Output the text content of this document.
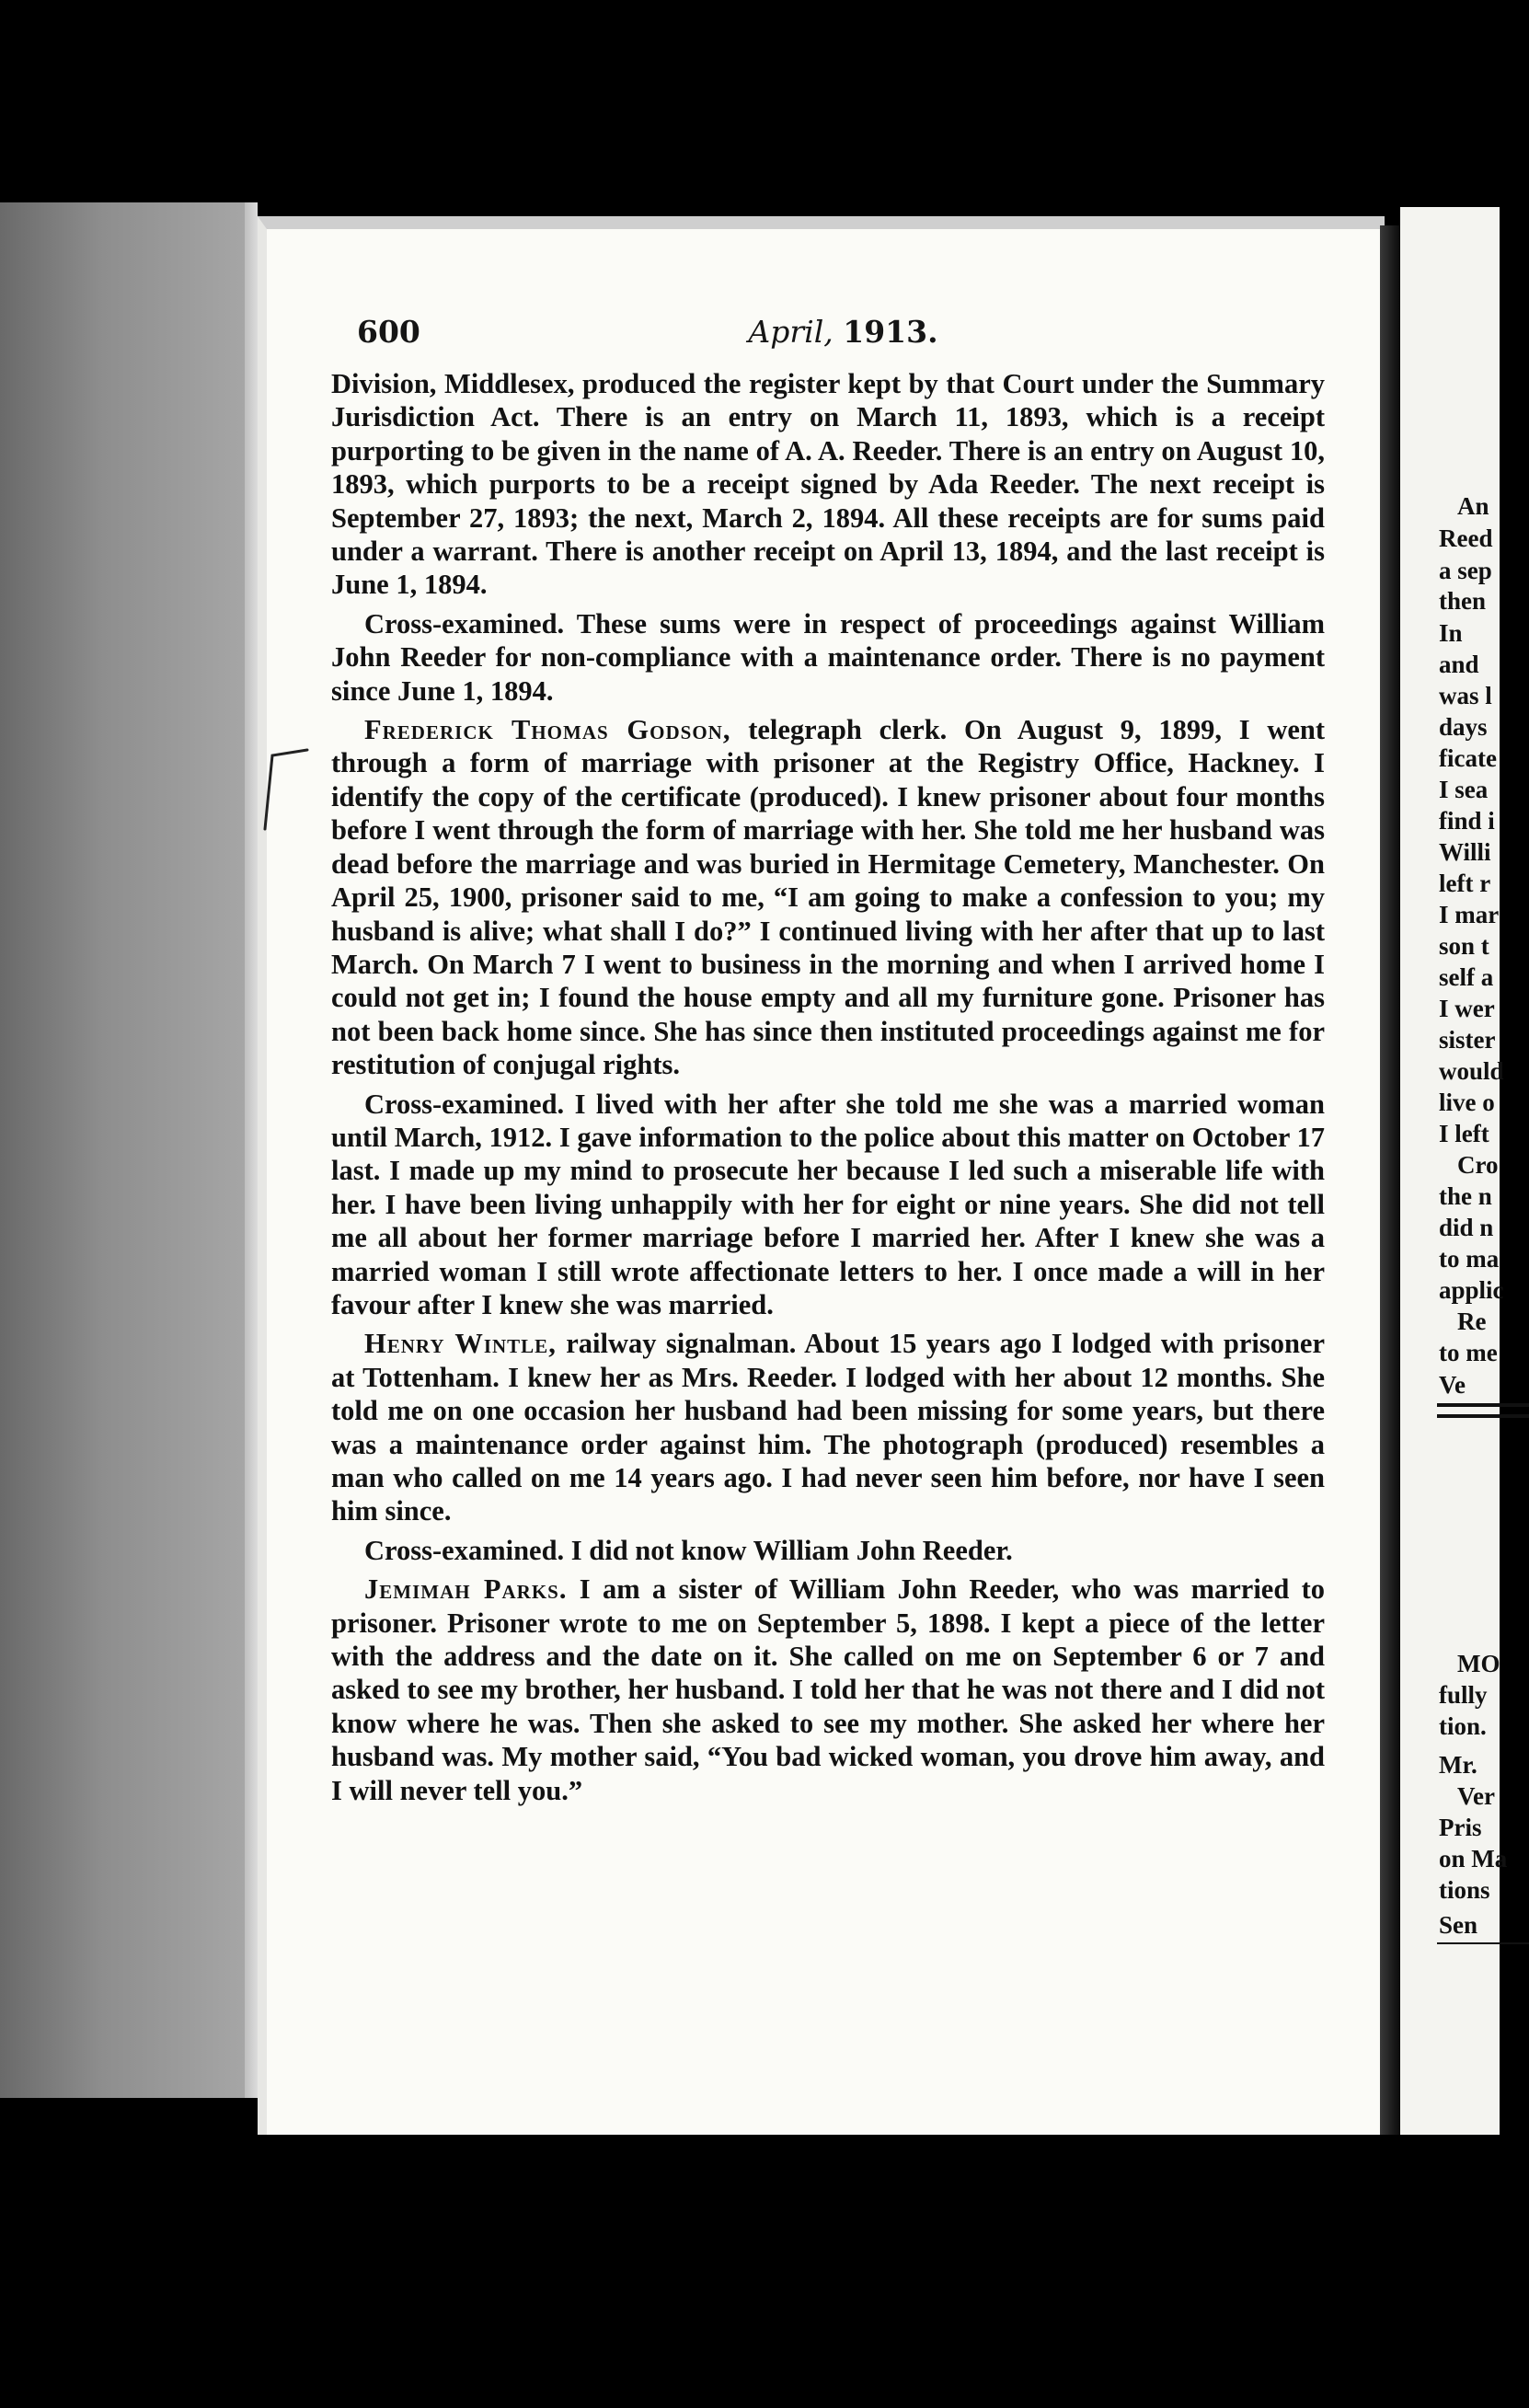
600	April, 1913.

Division, Middlesex, produced the register kept by that Court under the Summary Jurisdiction Act. There is an entry on March 11, 1893, which is a receipt purporting to be given in the name of A. A. Reeder. There is an entry on August 10, 1893, which purports to be a receipt signed by Ada Reeder. The next receipt is September 27, 1893; the next, March 2, 1894. All these receipts are for sums paid under a warrant. There is another receipt on April 13, 1894, and the last receipt is June 1, 1894.

Cross-examined. These sums were in respect of proceedings against William John Reeder for non-compliance with a maintenance order. There is no payment since June 1, 1894.

Frederick Thomas Godson, telegraph clerk. On August 9, 1899, I went through a form of marriage with prisoner at the Registry Office, Hackney. I identify the copy of the certificate (produced). I knew prisoner about four months before I went through the form of marriage with her. She told me her husband was dead before the marriage and was buried in Hermitage Cemetery, Manchester. On April 25, 1900, prisoner said to me, “I am going to make a confession to you; my husband is alive; what shall I do?” I continued living with her after that up to last March. On March 7 I went to business in the morning and when I arrived home I could not get in; I found the house empty and all my furniture gone. Prisoner has not been back home since. She has since then instituted proceedings against me for restitution of conjugal rights.

Cross-examined. I lived with her after she told me she was a married woman until March, 1912. I gave information to the police about this matter on October 17 last. I made up my mind to prosecute her because I led such a miserable life with her. I have been living unhappily with her for eight or nine years. She did not tell me all about her former marriage before I married her. After I knew she was a married woman I still wrote affectionate letters to her. I once made a will in her favour after I knew she was married.

Henry Wintle, railway signalman. About 15 years ago I lodged with prisoner at Tottenham. I knew her as Mrs. Reeder. I lodged with her about 12 months. She told me on one occasion her husband had been missing for some years, but there was a maintenance order against him. The photograph (produced) resembles a man who called on me 14 years ago. I had never seen him before, nor have I seen him since.

Cross-examined. I did not know William John Reeder.

Jemimah Parks. I am a sister of William John Reeder, who was married to prisoner. Prisoner wrote to me on September 5, 1898. I kept a piece of the letter with the address and the date on it. She called on me on September 6 or 7 and asked to see my brother, her husband. I told her that he was not there and I did not know where he was. Then she asked to see my mother. She asked her where her husband was. My mother said, “You bad wicked woman, you drove him away, and I will never tell you.”

An
Reed
a sep
then
In
and
was l
days
ficate
I sea
find i
Willi
left r
I mar
son t
self a
I wer
sister
would
live o
I left
Cro
the n
did n
to ma
applic
Re
to me
Ve
MO
fully
tion.
Mr.
Ver
Pris
on Ma
tions
Sen
